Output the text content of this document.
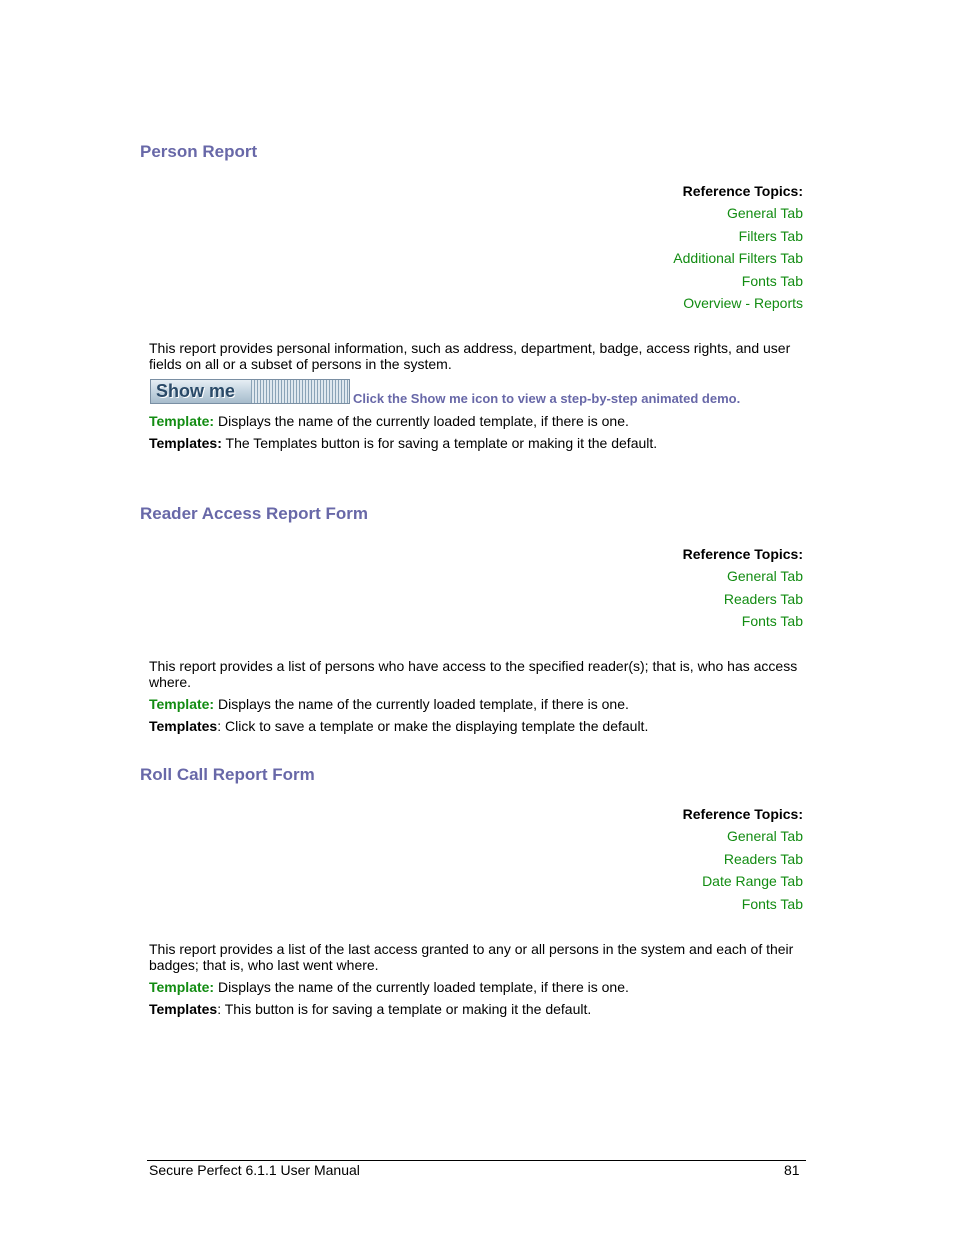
Person Report
Reference Topics:
General Tab
Filters Tab
Additional Filters Tab
Fonts Tab
Overview - Reports
This report provides personal information, such as address, department, badge, access rights, and user fields on all or a subset of persons in the system.
Show me	Click the Show me icon to view a step-by-step animated demo.
Template: Displays the name of the currently loaded template, if there is one.
Templates: The Templates button is for saving a template or making it the default.
Reader Access Report Form
Reference Topics:
General Tab
Readers Tab
Fonts Tab
This report provides a list of persons who have access to the specified reader(s); that is, who has access where.
Template: Displays the name of the currently loaded template, if there is one.
Templates: Click to save a template or make the displaying template the default.
Roll Call Report Form
Reference Topics:
General Tab
Readers Tab
Date Range Tab
Fonts Tab
This report provides a list of the last access granted to any or all persons in the system and each of their badges; that is, who last went where.
Template: Displays the name of the currently loaded template, if there is one.
Templates: This button is for saving a template or making it the default.
Secure Perfect 6.1.1 User Manual	81
